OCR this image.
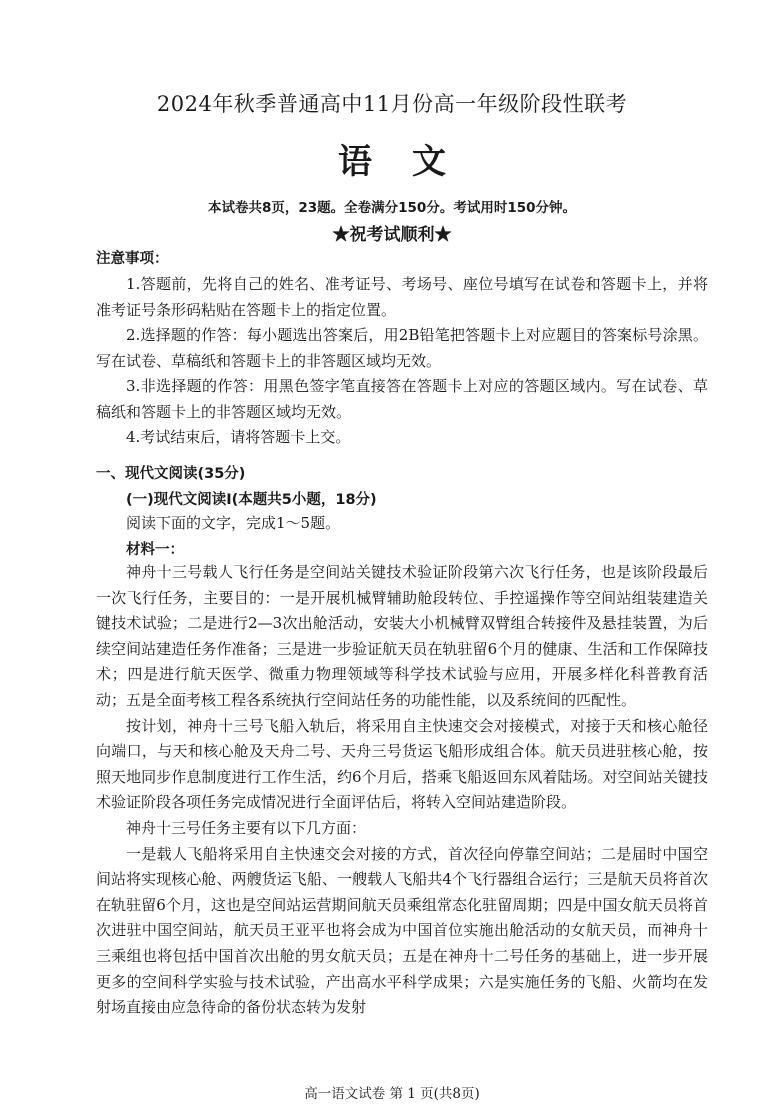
2024年秋季普通高中11月份高一年级阶段性联考
语文
本试卷共8页，23题。全卷满分150分。考试用时150分钟。
★祝考试顺利★
注意事项：
1.答题前，先将自己的姓名、准考证号、考场号、座位号填写在试卷和答题卡上，并将准考证号条形码粘贴在答题卡上的指定位置。
2.选择题的作答：每小题选出答案后，用2B铅笔把答题卡上对应题目的答案标号涂黑。写在试卷、草稿纸和答题卡上的非答题区域均无效。
3.非选择题的作答：用黑色签字笔直接答在答题卡上对应的答题区域内。写在试卷、草稿纸和答题卡上的非答题区域均无效。
4.考试结束后，请将答题卡上交。
一、现代文阅读(35分)
(一)现代文阅读Ⅰ(本题共5小题，18分)
阅读下面的文字，完成1～5题。
材料一：

神舟十三号载人飞行任务是空间站关键技术验证阶段第六次飞行任务，也是该阶段最后一次飞行任务，主要目的：一是开展机械臂辅助舱段转位、手控遥操作等空间站组装建造关键技术试验；二是进行2—3次出舱活动，安装大小机械臂双臂组合转接件及悬挂装置，为后续空间站建造任务作准备；三是进一步验证航天员在轨驻留6个月的健康、生活和工作保障技术；四是进行航天医学、微重力物理领域等科学技术试验与应用，开展多样化科普教育活动；五是全面考核工程各系统执行空间站任务的功能性能，以及系统间的匹配性。

按计划，神舟十三号飞船入轨后，将采用自主快速交会对接模式，对接于天和核心舱径向端口，与天和核心舱及天舟二号、天舟三号货运飞船形成组合体。航天员进驻核心舱，按照天地同步作息制度进行工作生活，约6个月后，搭乘飞船返回东风着陆场。对空间站关键技术验证阶段各项任务完成情况进行全面评估后，将转入空间站建造阶段。

神舟十三号任务主要有以下几方面：

一是载人飞船将采用自主快速交会对接的方式，首次径向停靠空间站；二是届时中国空间站将实现核心舱、两艘货运飞船、一艘载人飞船共4个飞行器组合运行；三是航天员将首次在轨驻留6个月，这也是空间站运营期间航天员乘组常态化驻留周期；四是中国女航天员将首次进驻中国空间站，航天员王亚平也将会成为中国首位实施出舱活动的女航天员，而神舟十三乘组也将包括中国首次出舱的男女航天员；五是在神舟十二号任务的基础上，进一步开展更多的空间科学实验与技术试验，产出高水平科学成果；六是实施任务的飞船、火箭均在发射场直接由应急待命的备份状态转为发射

高一语文试卷 第 1 页(共8页)
